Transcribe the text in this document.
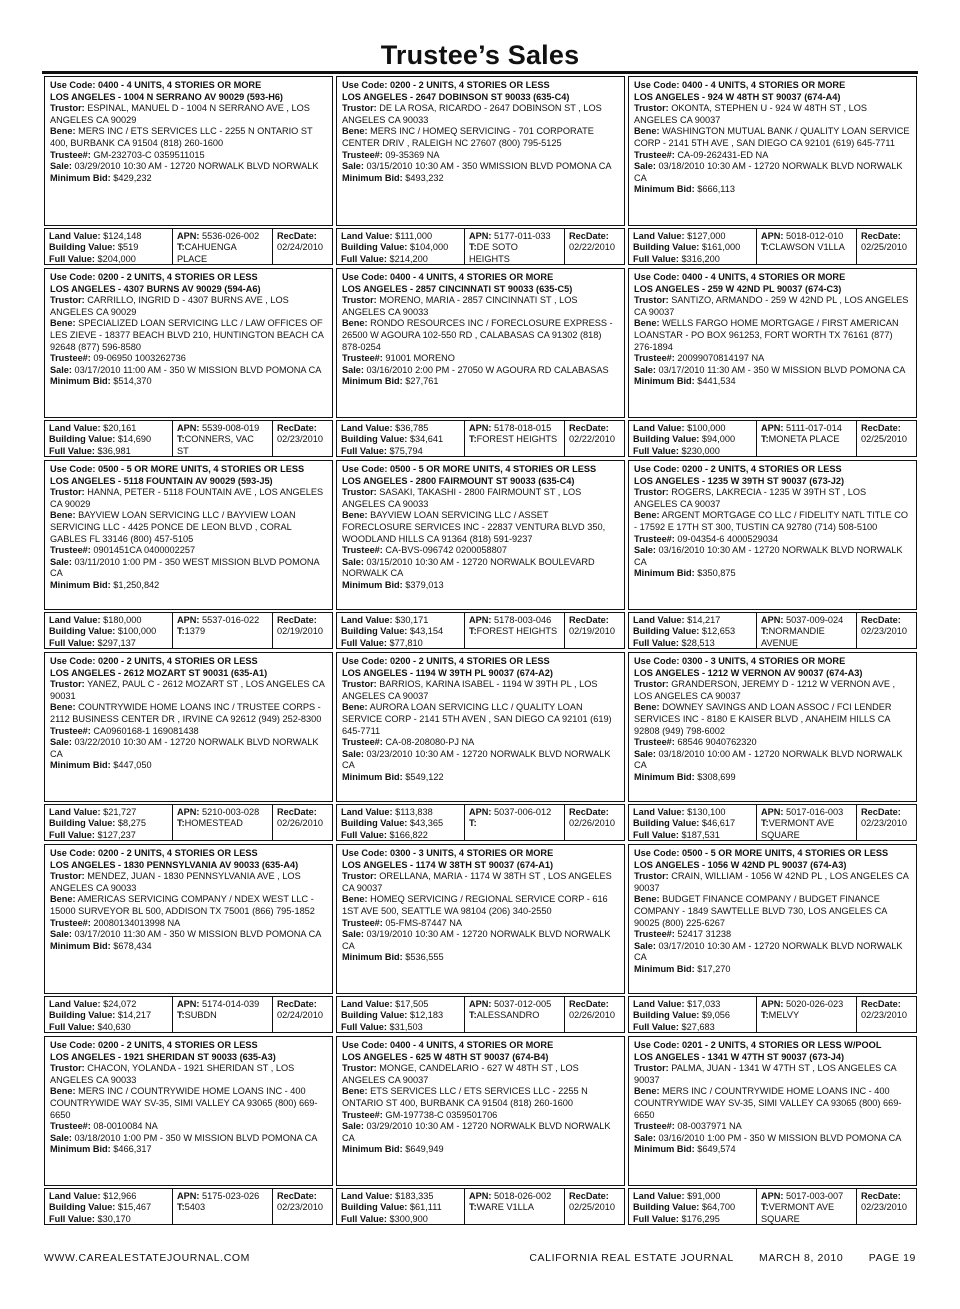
Trustee’s Sales
Use Code: 0400 - 4 UNITS, 4 STORIES OR MORE
LOS ANGELES - 1004 N SERRANO AV 90029 (593-H6)
Trustor: ESPINAL, MANUEL D - 1004 N SERRANO AVE , LOS ANGELES CA 90029
Bene: MERS INC / ETS SERVICES LLC - 2255 N ONTARIO ST 400, BURBANK CA 91504 (818) 260-1600
Trustee#: GM-232703-C 0359511015
Sale: 03/29/2010 10:30 AM - 12720 NORWALK BLVD NORWALK
Minimum Bid: $429,232
Land Value: $124,148
Building Value: $519
Full Value: $204,000
APN: 5536-026-002
T:CAHUENGA PLACE
RecDate:
02/24/2010
Use Code: 0200 - 2 UNITS, 4 STORIES OR LESS
LOS ANGELES - 2647 DOBINSON ST 90033 (635-C4)
Trustor: DE LA ROSA, RICARDO - 2647 DOBINSON ST , LOS ANGELES CA 90033
Bene: MERS INC / HOMEQ SERVICING - 701 CORPORATE CENTER DRIV , RALEIGH NC 27607 (800) 795-5125
Trustee#: 09-35369 NA
Sale: 03/15/2010 10:30 AM - 350 WMISSION BLVD POMONA CA
Minimum Bid: $493,232
Land Value: $111,000
Building Value: $104,000
Full Value: $214,200
APN: 5177-011-033
T:DE SOTO HEIGHTS
RecDate:
02/22/2010
Use Code: 0400 - 4 UNITS, 4 STORIES OR MORE
LOS ANGELES - 924 W 48TH ST 90037 (674-A4)
Trustor: OKONTA, STEPHEN U - 924 W 48TH ST , LOS ANGELES CA 90037
Bene: WASHINGTON MUTUAL BANK / QUALITY LOAN SERVICE CORP - 2141 5TH AVE , SAN DIEGO CA 92101 (619) 645-7711
Trustee#: CA-09-262431-ED NA
Sale: 03/18/2010 10:30 AM - 12720 NORWALK BLVD NORWALK CA
Minimum Bid: $666,113
Land Value: $127,000
Building Value: $161,000
Full Value: $316,200
APN: 5018-012-010
T:CLAWSON V1LLA
RecDate:
02/25/2010
Use Code: 0200 - 2 UNITS, 4 STORIES OR LESS
LOS ANGELES - 4307 BURNS AV 90029 (594-A6)
Trustor: CARRILLO, INGRID D - 4307 BURNS AVE , LOS ANGELES CA 90029
Bene: SPECIALIZED LOAN SERVICING LLC / LAW OFFICES OF LES ZIEVE - 18377 BEACH BLVD 210, HUNTINGTON BEACH CA 92648 (877) 596-8580
Trustee#: 09-06950 1003262736
Sale: 03/17/2010 11:00 AM - 350 W MISSION BLVD POMONA CA
Minimum Bid: $514,370
Land Value: $20,161
Building Value: $14,690
Full Value: $36,981
APN: 5539-008-019
T:CONNERS, VAC ST
RecDate:
02/23/2010
Use Code: 0400 - 4 UNITS, 4 STORIES OR MORE
LOS ANGELES - 2857 CINCINNATI ST 90033 (635-C5)
Trustor: MORENO, MARIA - 2857 CINCINNATI ST , LOS ANGELES CA 90033
Bene: RONDO RESOURCES INC / FORECLOSURE EXPRESS - 26500 W AGOURA 102-550 RD , CALABASAS CA 91302 (818) 878-0254
Trustee#: 91001 MORENO
Sale: 03/16/2010 2:00 PM - 27050 W AGOURA RD CALABASAS
Minimum Bid: $27,761
Land Value: $36,785
Building Value: $34,641
Full Value: $75,794
APN: 5178-018-015
T:FOREST HEIGHTS
RecDate:
02/22/2010
Use Code: 0400 - 4 UNITS, 4 STORIES OR MORE
LOS ANGELES - 259 W 42ND PL 90037 (674-C3)
Trustor: SANTIZO, ARMANDO - 259 W 42ND PL , LOS ANGELES CA 90037
Bene: WELLS FARGO HOME MORTGAGE / FIRST AMERICAN LOANSTAR - PO BOX 961253, FORT WORTH TX 76161 (877) 276-1894
Trustee#: 20099070814197 NA
Sale: 03/17/2010 11:30 AM - 350 W MISSION BLVD POMONA CA
Minimum Bid: $441,534
Land Value: $100,000
Building Value: $94,000
Full Value: $230,000
APN: 5111-017-014
T:MONETA PLACE
RecDate:
02/25/2010
Use Code: 0500 - 5 OR MORE UNITS, 4 STORIES OR LESS
LOS ANGELES - 5118 FOUNTAIN AV 90029 (593-J5)
Trustor: HANNA, PETER - 5118 FOUNTAIN AVE , LOS ANGELES CA 90029
Bene: BAYVIEW LOAN SERVICING LLC / BAYVIEW LOAN SERVICING LLC - 4425 PONCE DE LEON BLVD , CORAL GABLES FL 33146 (800) 457-5105
Trustee#: 0901451CA 0400002257
Sale: 03/11/2010 1:00 PM - 350 WEST MISSION BLVD POMONA CA
Minimum Bid: $1,250,842
Land Value: $180,000
Building Value: $100,000
Full Value: $297,137
APN: 5537-016-022
T:1379
RecDate:
02/19/2010
Use Code: 0500 - 5 OR MORE UNITS, 4 STORIES OR LESS
LOS ANGELES - 2800 FAIRMOUNT ST 90033 (635-C4)
Trustor: SASAKI, TAKASHI - 2800 FAIRMOUNT ST , LOS ANGELES CA 90033
Bene: BAYVIEW LOAN SERVICING LLC / ASSET FORECLOSURE SERVICES INC - 22837 VENTURA BLVD 350, WOODLAND HILLS CA 91364 (818) 591-9237
Trustee#: CA-BVS-096742 0200058807
Sale: 03/15/2010 10:30 AM - 12720 NORWALK BOULEVARD NORWALK CA
Minimum Bid: $379,013
Land Value: $30,171
Building Value: $43,154
Full Value: $77,810
APN: 5178-003-046
T:FOREST HEIGHTS
RecDate:
02/19/2010
Use Code: 0200 - 2 UNITS, 4 STORIES OR LESS
LOS ANGELES - 1235 W 39TH ST 90037 (673-J2)
Trustor: ROGERS, LAKRECIA - 1235 W 39TH ST , LOS ANGELES CA 90037
Bene: ARGENT MORTGAGE CO LLC / FIDELITY NATL TITLE CO - 17592 E 17TH ST 300, TUSTIN CA 92780 (714) 508-5100
Trustee#: 09-04354-6 4000529034
Sale: 03/16/2010 10:30 AM - 12720 NORWALK BLVD NORWALK CA
Minimum Bid: $350,875
Land Value: $14,217
Building Value: $12,653
Full Value: $28,513
APN: 5037-009-024
T:NORMANDIE AVENUE
RecDate:
02/23/2010
Use Code: 0200 - 2 UNITS, 4 STORIES OR LESS
LOS ANGELES - 2612 MOZART ST 90031 (635-A1)
Trustor: YANEZ, PAUL C - 2612 MOZART ST , LOS ANGELES CA 90031
Bene: COUNTRYWIDE HOME LOANS INC / TRUSTEE CORPS - 2112 BUSINESS CENTER DR , IRVINE CA 92612 (949) 252-8300
Trustee#: CA0960168-1 169081438
Sale: 03/22/2010 10:30 AM - 12720 NORWALK BLVD NORWALK CA
Minimum Bid: $447,050
Land Value: $21,727
Building Value: $8,275
Full Value: $127,237
APN: 5210-003-028
T:HOMESTEAD
RecDate:
02/26/2010
Use Code: 0200 - 2 UNITS, 4 STORIES OR LESS
LOS ANGELES - 1194 W 39TH PL 90037 (674-A2)
Trustor: BARRIOS, KARINA ISABEL - 1194 W 39TH PL , LOS ANGELES CA 90037
Bene: AURORA LOAN SERVICING LLC / QUALITY LOAN SERVICE CORP - 2141 5TH AVEN , SAN DIEGO CA 92101 (619) 645-7711
Trustee#: CA-08-208080-PJ NA
Sale: 03/23/2010 10:30 AM - 12720 NORWALK BLVD NORWALK CA
Minimum Bid: $549,122
Land Value: $113,838
Building Value: $43,365
Full Value: $166,822
APN: 5037-006-012
T:
RecDate:
02/26/2010
Use Code: 0300 - 3 UNITS, 4 STORIES OR MORE
LOS ANGELES - 1212 W VERNON AV 90037 (674-A3)
Trustor: GRANDERSON, JEREMY D - 1212 W VERNON AVE , LOS ANGELES CA 90037
Bene: DOWNEY SAVINGS AND LOAN ASSOC / FCI LENDER SERVICES INC - 8180 E KAISER BLVD , ANAHEIM HILLS CA 92808 (949) 798-6002
Trustee#: 68546 9040762320
Sale: 03/18/2010 10:00 AM - 12720 NORWALK BLVD NORWALK CA
Minimum Bid: $308,699
Land Value: $130,100
Building Value: $46,617
Full Value: $187,531
APN: 5017-016-003
T:VERMONT AVE SQUARE
RecDate:
02/23/2010
Use Code: 0200 - 2 UNITS, 4 STORIES OR LESS
LOS ANGELES - 1830 PENNSYLVANIA AV 90033 (635-A4)
Trustor: MENDEZ, JUAN - 1830 PENNSYLVANIA AVE , LOS ANGELES CA 90033
Bene: AMERICAS SERVICING COMPANY / NDEX WEST LLC - 15000 SURVEYOR BL 500, ADDISON TX 75001 (866) 795-1852
Trustee#: 20080134013998 NA
Sale: 03/17/2010 11:30 AM - 350 W MISSION BLVD POMONA CA
Minimum Bid: $678,434
Land Value: $24,072
Building Value: $14,217
Full Value: $40,630
APN: 5174-014-039
T:SUBDN
RecDate:
02/24/2010
Use Code: 0300 - 3 UNITS, 4 STORIES OR MORE
LOS ANGELES - 1174 W 38TH ST 90037 (674-A1)
Trustor: ORELLANA, MARIA - 1174 W 38TH ST , LOS ANGELES CA 90037
Bene: HOMEQ SERVICING / REGIONAL SERVICE CORP - 616 1ST AVE 500, SEATTLE WA 98104 (206) 340-2550
Trustee#: 05-FMS-87447 NA
Sale: 03/19/2010 10:30 AM - 12720 NORWALK BLVD NORWALK CA
Minimum Bid: $536,555
Land Value: $17,505
Building Value: $12,183
Full Value: $31,503
APN: 5037-012-005
T:ALESSANDRO
RecDate:
02/26/2010
Use Code: 0500 - 5 OR MORE UNITS, 4 STORIES OR LESS
LOS ANGELES - 1056 W 42ND PL 90037 (674-A3)
Trustor: CRAIN, WILLIAM - 1056 W 42ND PL , LOS ANGELES CA 90037
Bene: BUDGET FINANCE COMPANY / BUDGET FINANCE COMPANY - 1849 SAWTELLE BLVD 730, LOS ANGELES CA 90025 (800) 225-6267
Trustee#: 52417 31238
Sale: 03/17/2010 10:30 AM - 12720 NORWALK BLVD NORWALK CA
Minimum Bid: $17,270
Land Value: $17,033
Building Value: $9,056
Full Value: $27,683
APN: 5020-026-023
T:MELVY
RecDate:
02/23/2010
Use Code: 0200 - 2 UNITS, 4 STORIES OR LESS
LOS ANGELES - 1921 SHERIDAN ST 90033 (635-A3)
Trustor: CHACON, YOLANDA - 1921 SHERIDAN ST , LOS ANGELES CA 90033
Bene: MERS INC / COUNTRYWIDE HOME LOANS INC - 400 COUNTRYWIDE WAY SV-35, SIMI VALLEY CA 93065 (800) 669-6650
Trustee#: 08-0010084 NA
Sale: 03/18/2010 1:00 PM - 350 W MISSION BLVD POMONA CA
Minimum Bid: $466,317
Land Value: $12,966
Building Value: $15,467
Full Value: $30,170
APN: 5175-023-026
T:5403
RecDate:
02/23/2010
Use Code: 0400 - 4 UNITS, 4 STORIES OR MORE
LOS ANGELES - 625 W 48TH ST 90037 (674-B4)
Trustor: MONGE, CANDELARIO - 627 W 48TH ST , LOS ANGELES CA 90037
Bene: ETS SERVICES LLC / ETS SERVICES LLC - 2255 N ONTARIO ST 400, BURBANK CA 91504 (818) 260-1600
Trustee#: GM-197738-C 0359501706
Sale: 03/29/2010 10:30 AM - 12720 NORWALK BLVD NORWALK CA
Minimum Bid: $649,949
Land Value: $183,335
Building Value: $61,111
Full Value: $300,900
APN: 5018-026-002
T:WARE V1LLA
RecDate:
02/25/2010
Use Code: 0201 - 2 UNITS, 4 STORIES OR LESS W/POOL
LOS ANGELES - 1341 W 47TH ST 90037 (673-J4)
Trustor: PALMA, JUAN - 1341 W 47TH ST , LOS ANGELES CA 90037
Bene: MERS INC / COUNTRYWIDE HOME LOANS INC - 400 COUNTRYWIDE WAY SV-35, SIMI VALLEY CA 93065 (800) 669-6650
Trustee#: 08-0037971 NA
Sale: 03/16/2010 1:00 PM - 350 W MISSION BLVD POMONA CA
Minimum Bid: $649,574
Land Value: $91,000
Building Value: $64,700
Full Value: $176,295
APN: 5017-003-007
T:VERMONT AVE SQUARE
RecDate:
02/23/2010
WWW.CAREALESTATEJOURNAL.COM	CALIFORNIA REAL ESTATE JOURNAL MARCH 8, 2010 PAGE 19
